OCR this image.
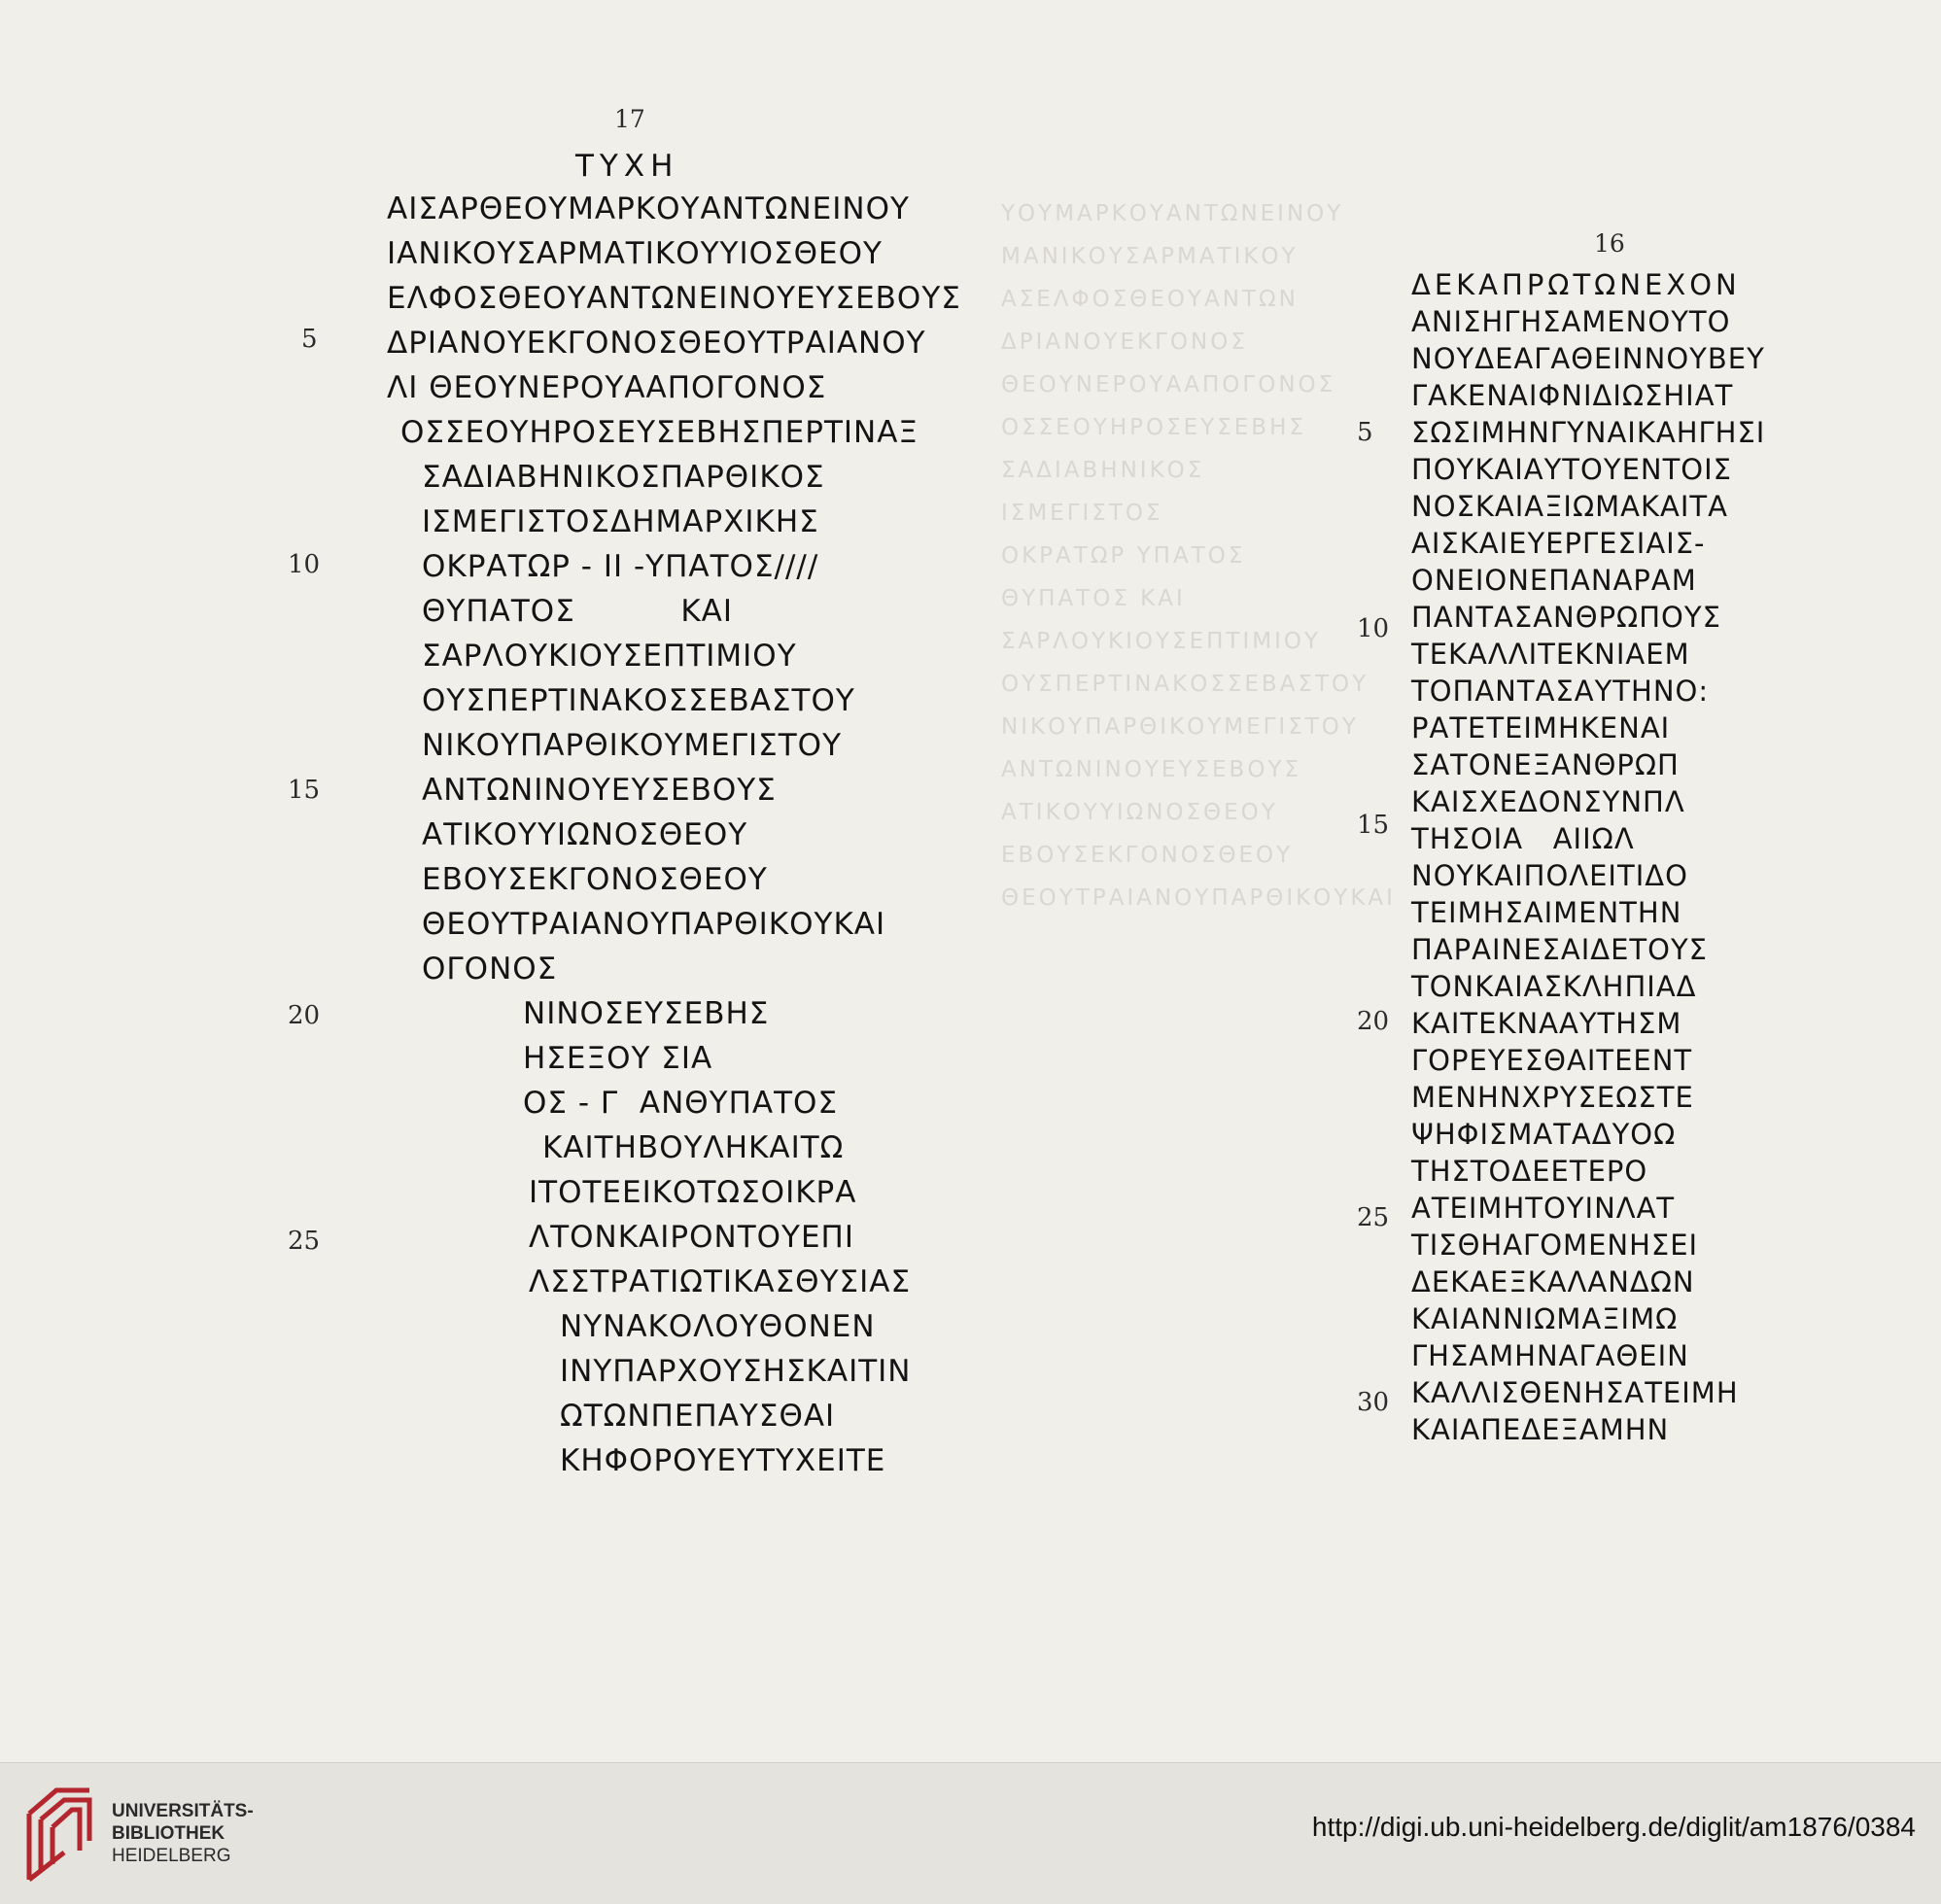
ΥΟΥΜΑΡΚΟΥΑΝΤΩΝΕΙΝΟΥ
ΜΑΝΙΚΟΥΣΑΡΜΑΤΙΚΟΥ
ΑΣΕΛΦΟΣΘΕΟΥΑΝΤΩΝ
ΔΡΙΑΝΟΥΕΚΓΟΝΟΣ
ΘΕΟΥΝΕΡΟΥΑΑΠΟΓΟΝΟΣ
ΟΣΣΕΟΥΗΡΟΣΕΥΣΕΒΗΣ
ΣΑΔΙΑΒΗΝΙΚΟΣ
ΙΣΜΕΓΙΣΤΟΣ
ΟΚΡΑΤΩΡ ΥΠΑΤΟΣ
ΘΥΠΑΤΟΣ ΚΑΙ
ΣΑΡΛΟΥΚΙΟΥΣΕΠΤΙΜΙΟΥ
ΟΥΣΠΕΡΤΙΝΑΚΟΣΣΕΒΑΣΤΟΥ
ΝΙΚΟΥΠΑΡΘΙΚΟΥΜΕΓΙΣΤΟΥ
ΑΝΤΩΝΙΝΟΥΕΥΣΕΒΟΥΣ
ΑΤΙΚΟΥΥΙΩΝΟΣΘΕΟΥ
ΕΒΟΥΣΕΚΓΟΝΟΣΘΕΟΥ
ΘΕΟΥΤΡΑΙΑΝΟΥΠΑΡΘΙΚΟΥΚΑΙ
17
ΤΥΧΗ
ΑΙΣΑΡΘΕΟΥΜΑΡΚΟΥΑΝΤΩΝΕΙΝΟΥ
ΙΑΝΙΚΟΥΣΑΡΜΑΤΙΚΟΥΥΙΟΣΘΕΟΥ
ΕΛΦΟΣΘΕΟΥΑΝΤΩΝΕΙΝΟΥΕΥΣΕΒΟΥΣ
ΔΡΙΑΝΟΥΕΚΓΟΝΟΣΘΕΟΥΤΡΑΙΑΝΟΥ
ΛΙ ΘΕΟΥΝΕΡΟΥΑΑΠΟΓΟΝΟΣ
ΟΣΣΕΟΥΗΡΟΣΕΥΣΕΒΗΣΠΕΡΤΙΝΑΞ
ΣΑΔΙΑΒΗΝΙΚΟΣΠΑΡΘΙΚΟΣ
ΙΣΜΕΓΙΣΤΟΣΔΗΜΑΡΧΙΚΗΣ
ΟΚΡΑΤΩΡ - ΙΙ -ΥΠΑΤΟΣ////
ΘΥΠΑΤΟΣ          ΚΑΙ
ΣΑΡΛΟΥΚΙΟΥΣΕΠΤΙΜΙΟΥ
ΟΥΣΠΕΡΤΙΝΑΚΟΣΣΕΒΑΣΤΟΥ
ΝΙΚΟΥΠΑΡΘΙΚΟΥΜΕΓΙΣΤΟΥ
ΑΝΤΩΝΙΝΟΥΕΥΣΕΒΟΥΣ
ΑΤΙΚΟΥΥΙΩΝΟΣΘΕΟΥ
ΕΒΟΥΣΕΚΓΟΝΟΣΘΕΟΥ
ΘΕΟΥΤΡΑΙΑΝΟΥΠΑΡΘΙΚΟΥΚΑΙ
ΟΓΟΝΟΣ
ΝΙΝΟΣΕΥΣΕΒΗΣ
ΗΣΕΞΟΥ ΣΙΑ
ΟΣ - Γ  ΑΝΘΥΠΑΤΟΣ
ΚΑΙΤΗΒΟΥΛΗΚΑΙΤΩ
ΙΤΟΤΕΕΙΚΟΤΩΣΟΙΚΡΑ
ΛΤΟΝΚΑΙΡΟΝΤΟΥΕΠΙ
ΛΣΣΤΡΑΤΙΩΤΙΚΑΣΘΥΣΙΑΣ
ΝΥΝΑΚΟΛΟΥΘΟΝΕΝ
ΙΝΥΠΑΡΧΟΥΣΗΣΚΑΙΤΙΝ
ΩΤΩΝΠΕΠΑΥΣΘΑΙ
ΚΗΦΟΡΟΥΕΥΤΥΧΕΙΤΕ
5
10
15
20
25
16
ΔΕΚΑΠΡΩΤΩΝΕΧΟΝ
ΑΝΙΣΗΓΗΣΑΜΕΝΟΥΤΟ
ΝΟΥΔΕΑΓΑΘΕΙΝΝΟΥΒΕΥ
ΓΑΚΕΝΑΙΦΝΙΔΙΩΣΗΙΑΤ
ΣΩΣΙΜΗΝΓΥΝΑΙΚΑΗΓΗΣΙ
ΠΟΥΚΑΙΑΥΤΟΥΕΝΤΟΙΣ
ΝΟΣΚΑΙΑΞΙΩΜΑΚΑΙΤΑ
ΑΙΣΚΑΙΕΥΕΡΓΕΣΙΑΙΣ-
ΟΝΕΙΟΝΕΠΑΝΑΡΑΜ
ΠΑΝΤΑΣΑΝΘΡΩΠΟΥΣ
ΤΕΚΑΛΛΙΤΕΚΝΙΑΕΜ
ΤΟΠΑΝΤΑΣΑΥΤΗΝΟ:
ΡΑΤΕΤΕΙΜΗΚΕΝΑΙ
ΣΑΤΟΝΕΞΑΝΘΡΩΠ
ΚΑΙΣΧΕΔΟΝΣΥΝΠΛ
ΤΗΣΟΙΑ   ΑΙΙΩΛ
ΝΟΥΚΑΙΠΟΛΕΙΤΙΔΟ
ΤΕΙΜΗΣΑΙΜΕΝΤΗΝ
ΠΑΡΑΙΝΕΣΑΙΔΕΤΟΥΣ
ΤΟΝΚΑΙΑΣΚΛΗΠΙΑΔ
ΚΑΙΤΕΚΝΑΑΥΤΗΣΜ
ΓΟΡΕΥΕΣΘΑΙΤΕΕΝΤ
ΜΕΝΗΝΧΡΥΣΕΩΣΤΕ
ΨΗΦΙΣΜΑΤΑΔΥΟΩ
ΤΗΣΤΟΔΕΕΤΕΡΟ
ΑΤΕΙΜΗΤΟΥΙΝΛΑΤ
ΤΙΣΘΗΑΓΟΜΕΝΗΣΕΙ
ΔΕΚΑΕΞΚΑΛΑΝΔΩΝ
ΚΑΙΑΝΝΙΩΜΑΞΙΜΩ
ΓΗΣΑΜΗΝΑΓΑΘΕΙΝ
ΚΑΛΛΙΣΘΕΝΗΣΑΤΕΙΜΗ
ΚΑΙΑΠΕΔΕΞΑΜΗΝ
5
10
15
20
25
30
UNIVERSITÄTS-
BIBLIOTHEK
HEIDELBERG
http://digi.ub.uni-heidelberg.de/diglit/am1876/0384
